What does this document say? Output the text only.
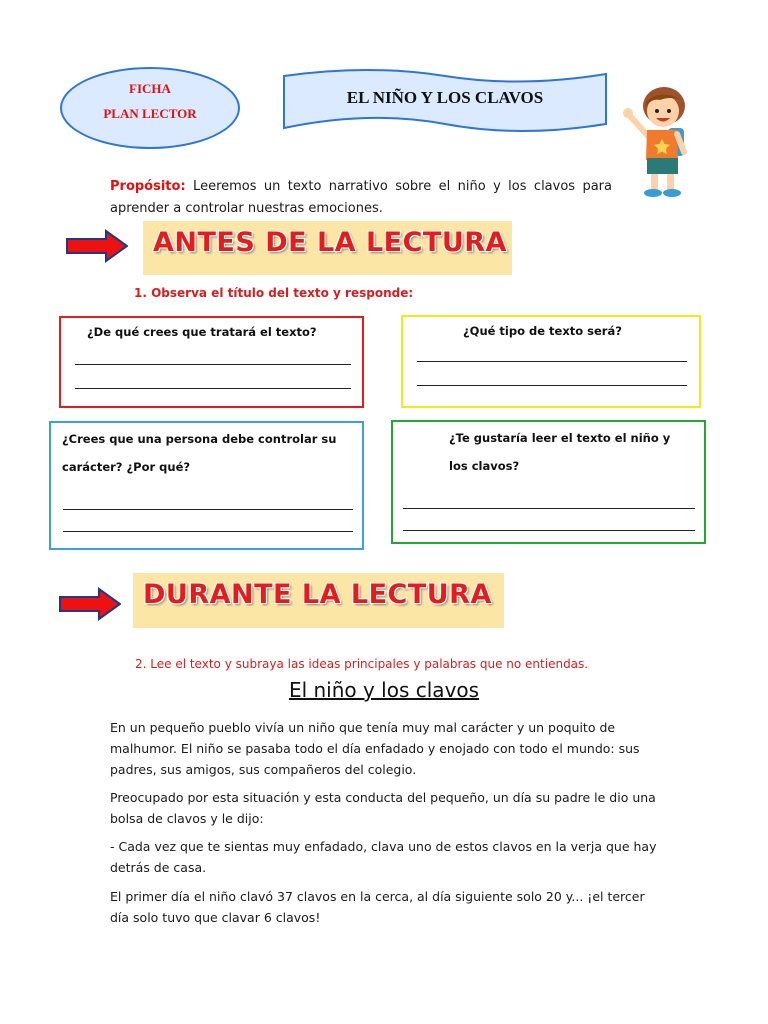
FICHA
PLAN LECTOR
EL NIÑO Y LOS CLAVOS
Propósito: Leeremos un texto narrativo sobre el niño y los clavos para aprender a controlar nuestras emociones.
ANTES DE LA LECTURA
1. Observa el título del texto y responde:
¿De qué crees que tratará el texto?	¿Qué tipo de texto será?
¿Crees que una persona debe controlar su
carácter? ¿Por qué?
¿Te gustaría leer el texto el niño y
los clavos?
DURANTE LA LECTURA
2. Lee el texto y subraya las ideas principales y palabras que no entiendas.
El niño y los clavos
En un pequeño pueblo vivía un niño que tenía muy mal carácter y un poquito de malhumor. El niño se pasaba todo el día enfadado y enojado con todo el mundo: sus padres, sus amigos, sus compañeros del colegio.
Preocupado por esta situación y esta conducta del pequeño, un día su padre le dio una bolsa de clavos y le dijo:
- Cada vez que te sientas muy enfadado, clava uno de estos clavos en la verja que hay detrás de casa.
El primer día el niño clavó 37 clavos en la cerca, al día siguiente solo 20 y... ¡el tercer día solo tuvo que clavar 6 clavos!
